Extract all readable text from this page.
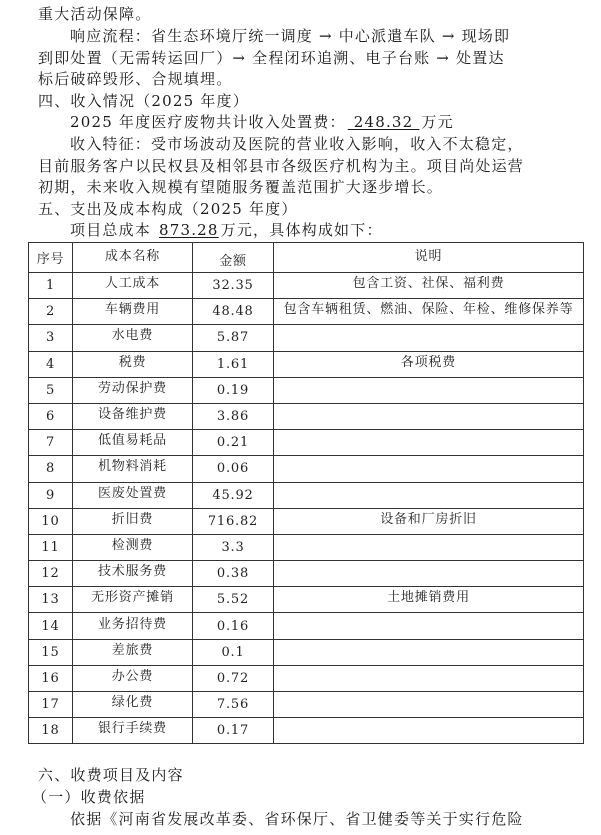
重大活动保障。
响应流程：省生态环境厅统一调度 → 中心派遣车队 → 现场即
到即处置（无需转运回厂）→ 全程闭环追溯、电子台账 → 处置达
标后破碎毁形、合规填埋。
四、收入情况（2025 年度）
2025 年度医疗废物共计收入处置费： 248.32 万元
收入特征：受市场波动及医院的营业收入影响，收入不太稳定，
目前服务客户以民权县及相邻县市各级医疗机构为主。项目尚处运营
初期，未来收入规模有望随服务覆盖范围扩大逐步增长。
五、支出及成本构成（2025 年度）
项目总成本 873.28 万元，具体构成如下：
序号	成本名称	金额	说明
1	人工成本	32.35	包含工资、社保、福利费
2	车辆费用	48.48	包含车辆租赁、燃油、保险、年检、维修保养等
3	水电费	5.87	
4	税费	1.61	各项税费
5	劳动保护费	0.19	
6	设备维护费	3.86	
7	低值易耗品	0.21	
8	机物料消耗	0.06	
9	医废处置费	45.92	
10	折旧费	716.82	设备和厂房折旧
11	检测费	3.3	
12	技术服务费	0.38	
13	无形资产摊销	5.52	土地摊销费用
14	业务招待费	0.16	
15	差旅费	0.1	
16	办公费	0.72	
17	绿化费	7.56	
18	银行手续费	0.17	
六、收费项目及内容
（一）收费依据
依据《河南省发展改革委、省环保厅、省卫健委等关于实行危险
